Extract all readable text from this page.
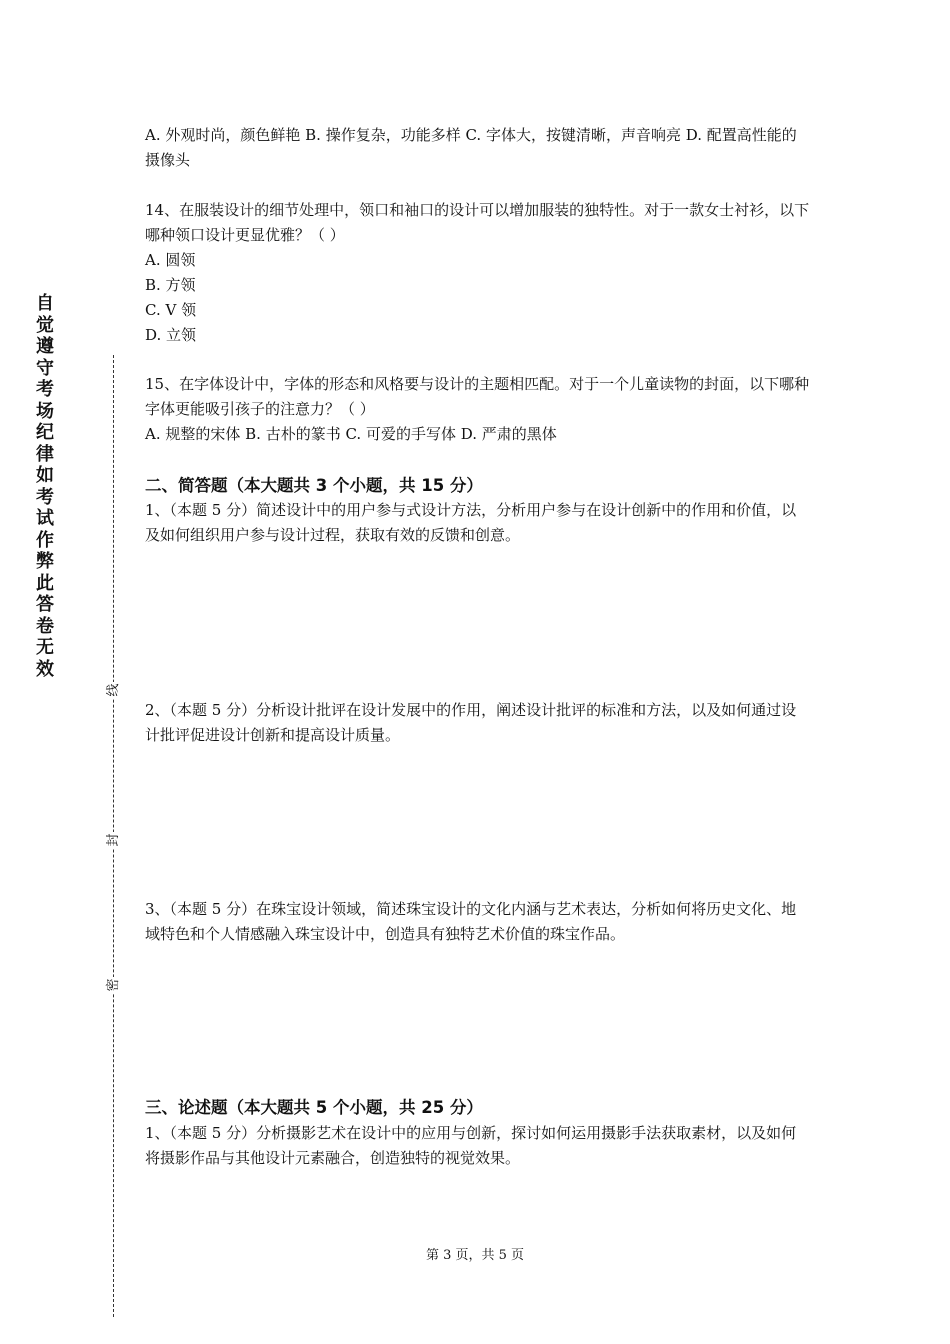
自觉遵守考场纪律如考试作弊此答卷无效
线
封
密
A. 外观时尚，颜色鲜艳 B. 操作复杂，功能多样 C. 字体大，按键清晰，声音响亮 D. 配置高性能的摄像头
14、在服装设计的细节处理中，领口和袖口的设计可以增加服装的独特性。对于一款女士衬衫，以下哪种领口设计更显优雅？（ ）
A. 圆领
B. 方领
C. V 领
D. 立领
15、在字体设计中，字体的形态和风格要与设计的主题相匹配。对于一个儿童读物的封面，以下哪种字体更能吸引孩子的注意力？（ ）
A. 规整的宋体 B. 古朴的篆书 C. 可爱的手写体 D. 严肃的黑体
二、简答题（本大题共 3 个小题，共 15 分）
1、（本题 5 分）简述设计中的用户参与式设计方法，分析用户参与在设计创新中的作用和价值，以及如何组织用户参与设计过程，获取有效的反馈和创意。
2、（本题 5 分）分析设计批评在设计发展中的作用，阐述设计批评的标准和方法，以及如何通过设计批评促进设计创新和提高设计质量。
3、（本题 5 分）在珠宝设计领域，简述珠宝设计的文化内涵与艺术表达，分析如何将历史文化、地域特色和个人情感融入珠宝设计中，创造具有独特艺术价值的珠宝作品。
三、论述题（本大题共 5 个小题，共 25 分）
1、（本题 5 分）分析摄影艺术在设计中的应用与创新，探讨如何运用摄影手法获取素材，以及如何将摄影作品与其他设计元素融合，创造独特的视觉效果。
第 3 页，共 5 页
